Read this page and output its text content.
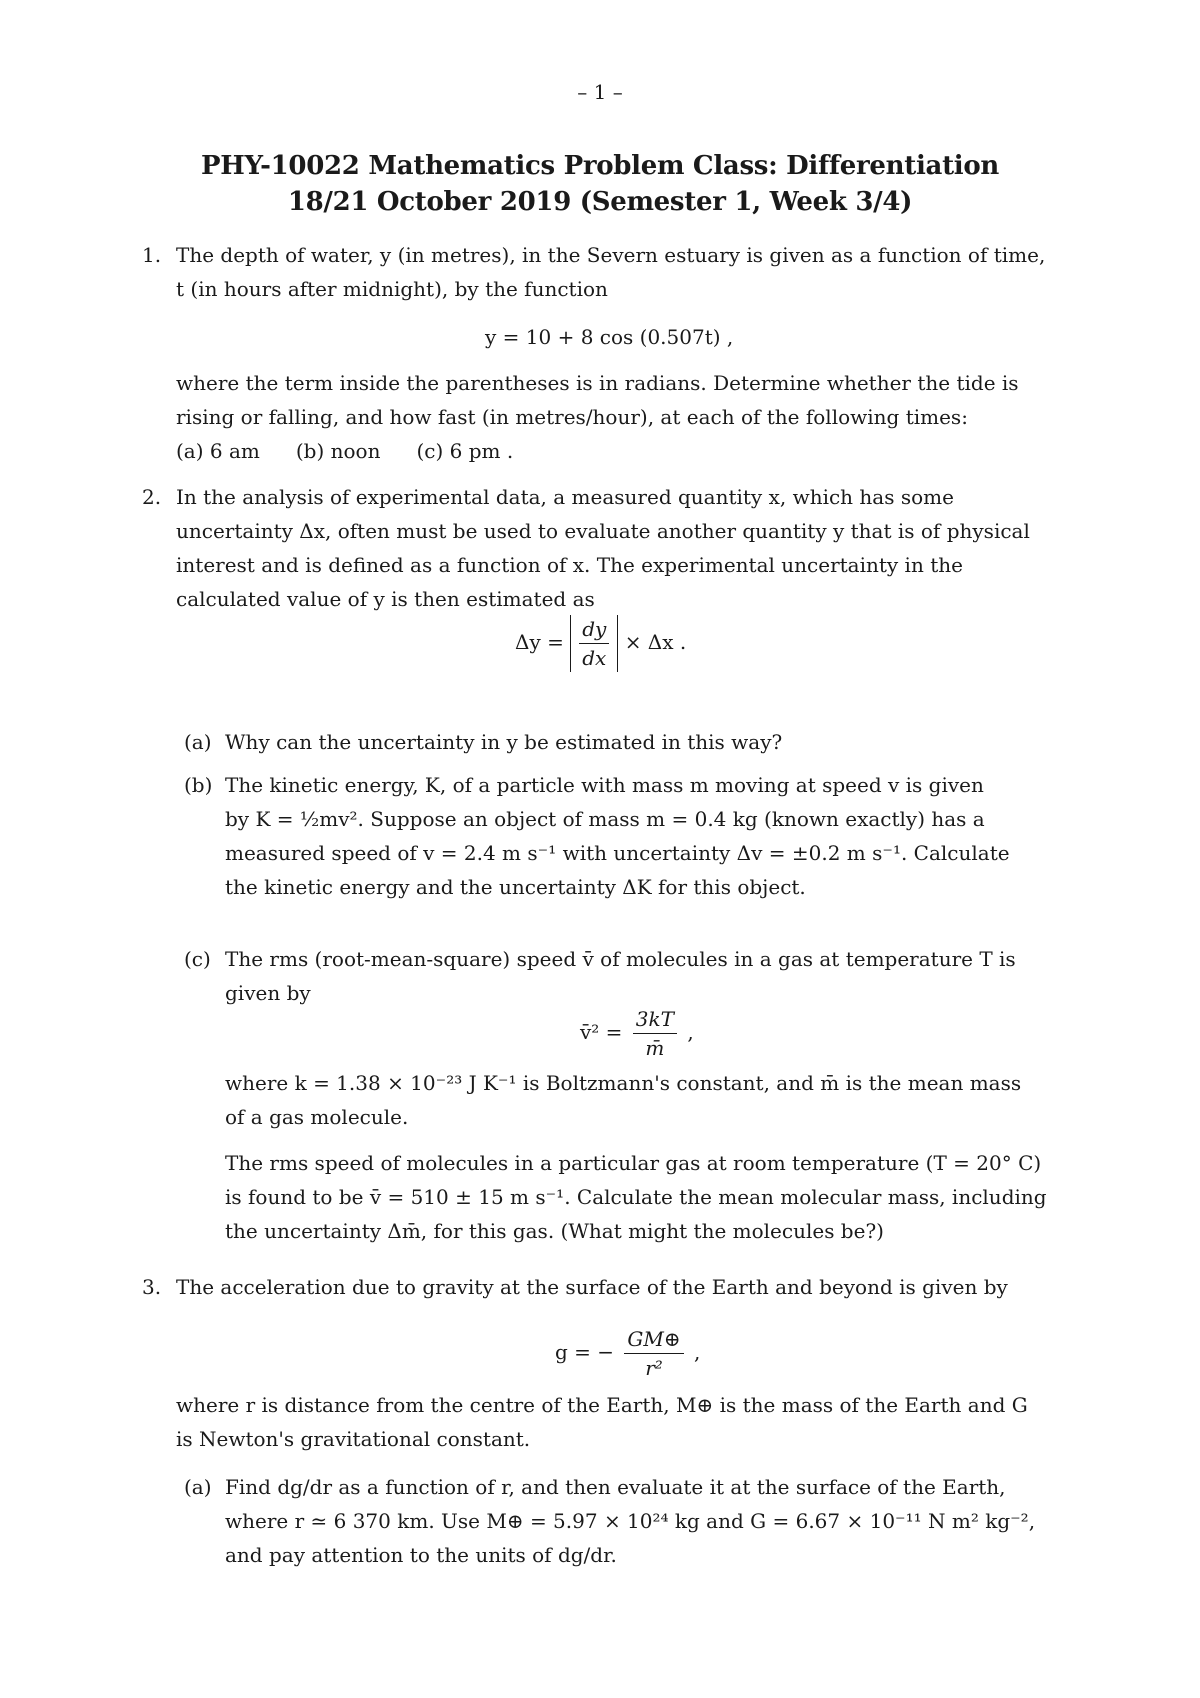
– 1 –
PHY-10022 Mathematics Problem Class: Differentiation
18/21 October 2019 (Semester 1, Week 3/4)
1. The depth of water, y (in metres), in the Severn estuary is given as a function of time,
t (in hours after midnight), by the function
y = 10 + 8 cos (0.507t) ,
where the term inside the parentheses is in radians. Determine whether the tide is
rising or falling, and how fast (in metres/hour), at each of the following times:
(a) 6 am (b) noon (c) 6 pm .
2. In the analysis of experimental data, a measured quantity x, which has some
uncertainty Δx, often must be used to evaluate another quantity y that is of physical
interest and is defined as a function of x. The experimental uncertainty in the
calculated value of y is then estimated as
$\Delta y = \frac{dy}{dx} \times \Delta x$ .
(a) Why can the uncertainty in y be estimated in this way?
(b) The kinetic energy, K, of a particle with mass m moving at speed v is given
by K = ½mv². Suppose an object of mass m = 0.4 kg (known exactly) has a
measured speed of v = 2.4 m s⁻¹ with uncertainty Δv = ±0.2 m s⁻¹. Calculate
the kinetic energy and the uncertainty ΔK for this object.
(c) The rms (root-mean-square) speed v̄ of molecules in a gas at temperature T is
given by
v̄² = $\frac{3kT}{m̄}$ ,
where k = 1.38 × 10⁻²³ J K⁻¹ is Boltzmann's constant, and m̄ is the mean mass
of a gas molecule.
The rms speed of molecules in a particular gas at room temperature (T = 20° C)
is found to be v̄ = 510 ± 15 m s⁻¹. Calculate the mean molecular mass, including
the uncertainty Δm̄, for this gas. (What might the molecules be?)
3. The acceleration due to gravity at the surface of the Earth and beyond is given by
g = − $\frac{GM\oplus}{\text{r²}}$ ,
where r is distance from the centre of the Earth, M⊕ is the mass of the Earth and G
is Newton's gravitational constant.
(a) Find dg/dr as a function of r, and then evaluate it at the surface of the Earth,
where r ≃ 6 370 km. Use M⊕ = 5.97 × 10²⁴ kg and G = 6.67 × 10⁻¹¹ N m² kg⁻²,
and pay attention to the units of dg/dr.
